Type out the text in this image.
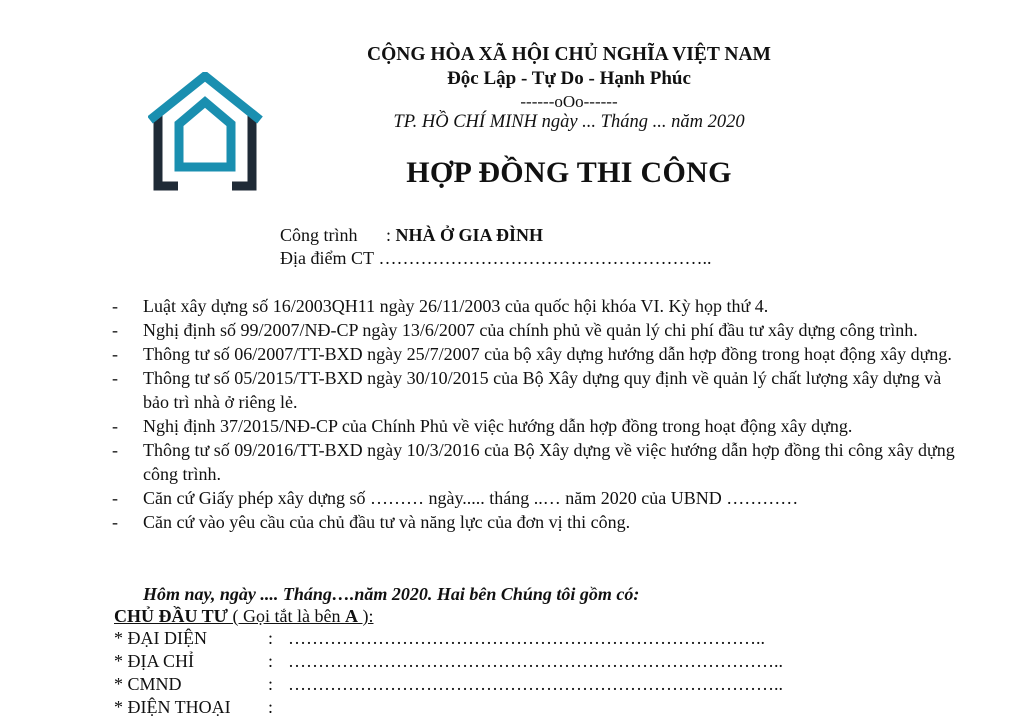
CỘNG HÒA XÃ HỘI CHỦ NGHĨA VIỆT NAM
Độc Lập - Tự Do - Hạnh Phúc
------oOo------
TP. HỒ CHÍ MINH ngày ... Tháng ... năm 2020
HỢP ĐỒNG THI CÔNG
Công trình : NHÀ Ở GIA ĐÌNH
Địa điểm CT ………………………………………………..
- Luật xây dựng số 16/2003QH11 ngày 26/11/2003 của quốc hội khóa VI. Kỳ họp thứ 4.
- Nghị định số 99/2007/NĐ-CP ngày 13/6/2007 của chính phủ về quản lý chi phí đầu tư xây dựng công trình.
- Thông tư số 06/2007/TT-BXD ngày 25/7/2007 của bộ xây dựng hướng dẫn hợp đồng trong hoạt động xây dựng.
- Thông tư số 05/2015/TT-BXD ngày 30/10/2015 của Bộ Xây dựng quy định về quản lý chất lượng xây dựng và bảo trì nhà ở riêng lẻ.
- Nghị định 37/2015/NĐ-CP của Chính Phủ về việc hướng dẫn hợp đồng trong hoạt động xây dựng.
- Thông tư số 09/2016/TT-BXD ngày 10/3/2016 của Bộ Xây dựng về việc hướng dẫn hợp đồng thi công xây dựng công trình.
- Căn cứ Giấy phép xây dựng số ……… ngày..... tháng ..… năm 2020 của UBND …………
- Căn cứ vào yêu cầu của chủ đầu tư và năng lực của đơn vị thi công.
Hôm nay, ngày .... Tháng….năm 2020. Hai bên Chúng tôi gồm có:
CHỦ ĐẦU TƯ ( Gọi tắt là bên A ):
* ĐẠI DIỆN	: ……………………………………………………………………..
* ĐỊA CHỈ	: ………………………………………………………………………..
* CMND	: ………………………………………………………………………..
* ĐIỆN THOẠI :
